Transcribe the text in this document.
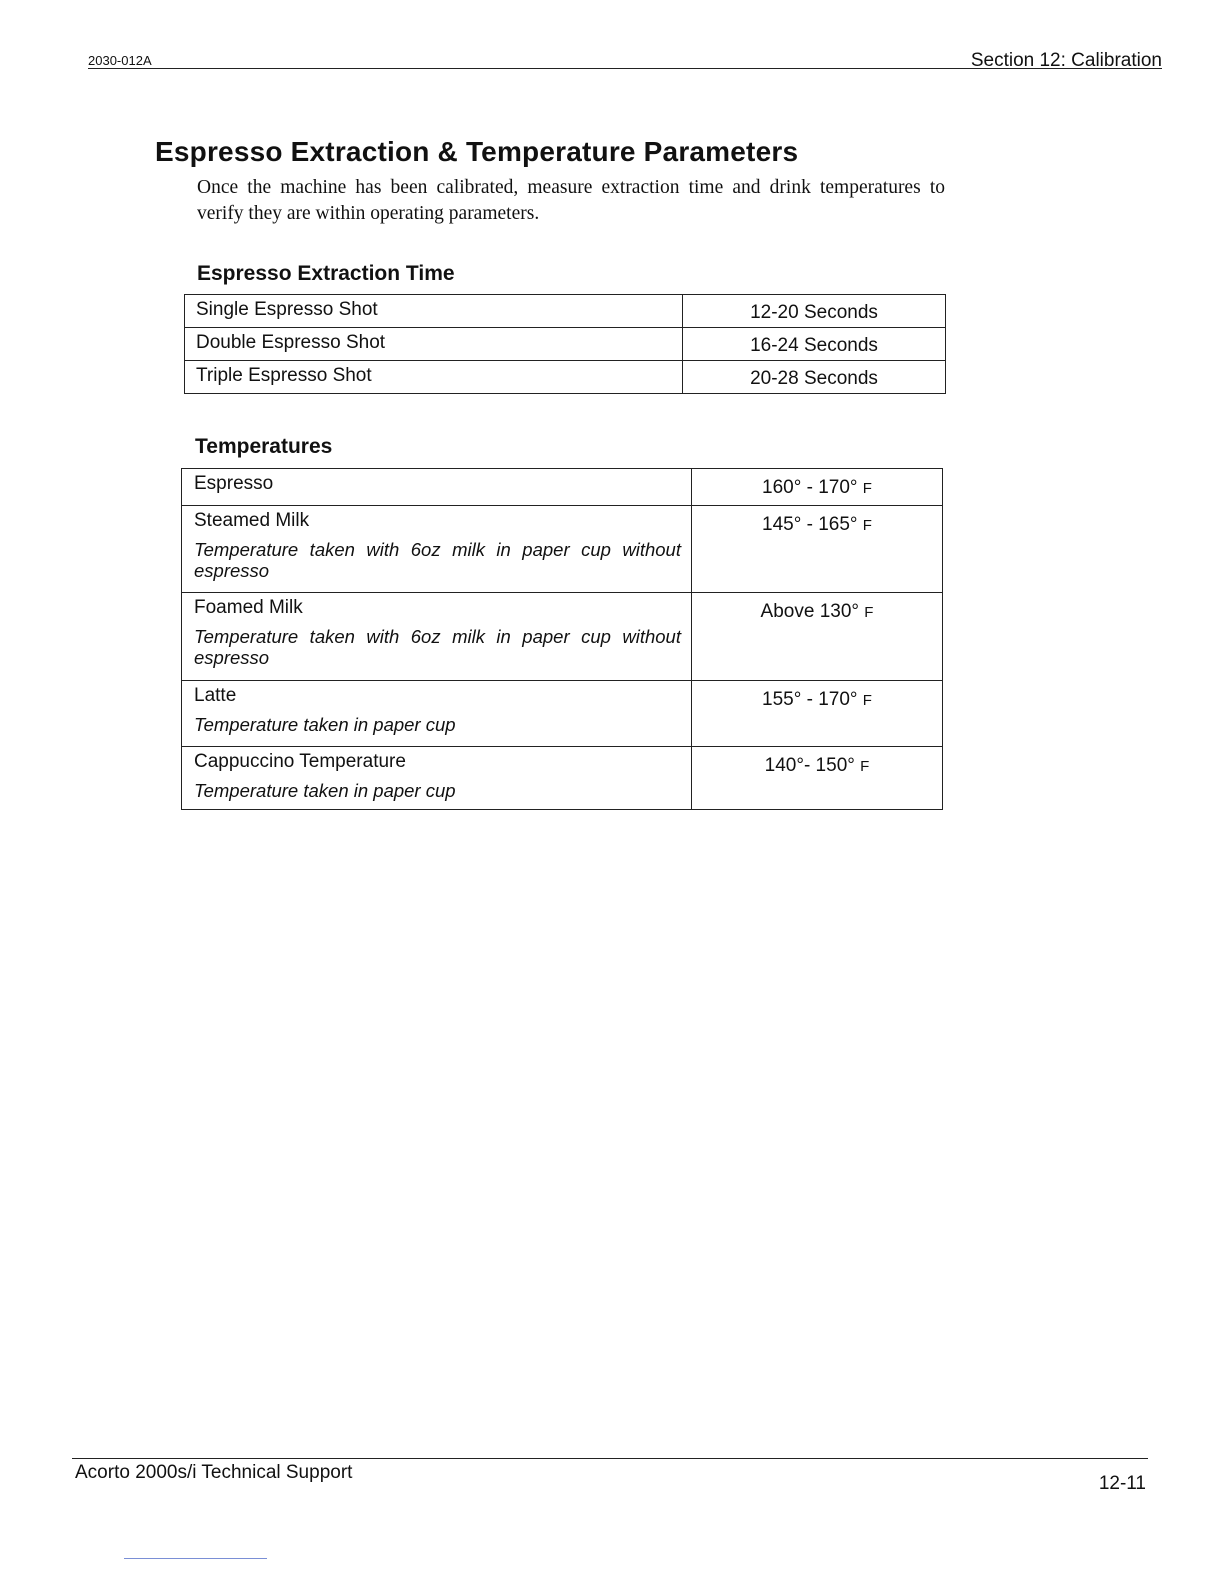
2030-012A	Section 12: Calibration
Espresso Extraction & Temperature Parameters

Once the machine has been calibrated, measure extraction time and drink temperatures to verify they are within operating parameters.

Espresso Extraction Time
Single Espresso Shot	12-20 Seconds
Double Espresso Shot	16-24 Seconds
Triple Espresso Shot	20-28 Seconds
Temperatures
Espresso	160° - 170° F
Steamed Milk
Temperature taken with 6oz milk in paper cup without espresso	145° - 165° F
Foamed Milk
Temperature taken with 6oz milk in paper cup without espresso	Above 130° F
Latte
Temperature taken in paper cup	155° - 170° F
Cappuccino Temperature
Temperature taken in paper cup	140°- 150° F
Acorto 2000s/i Technical Support
12-11
